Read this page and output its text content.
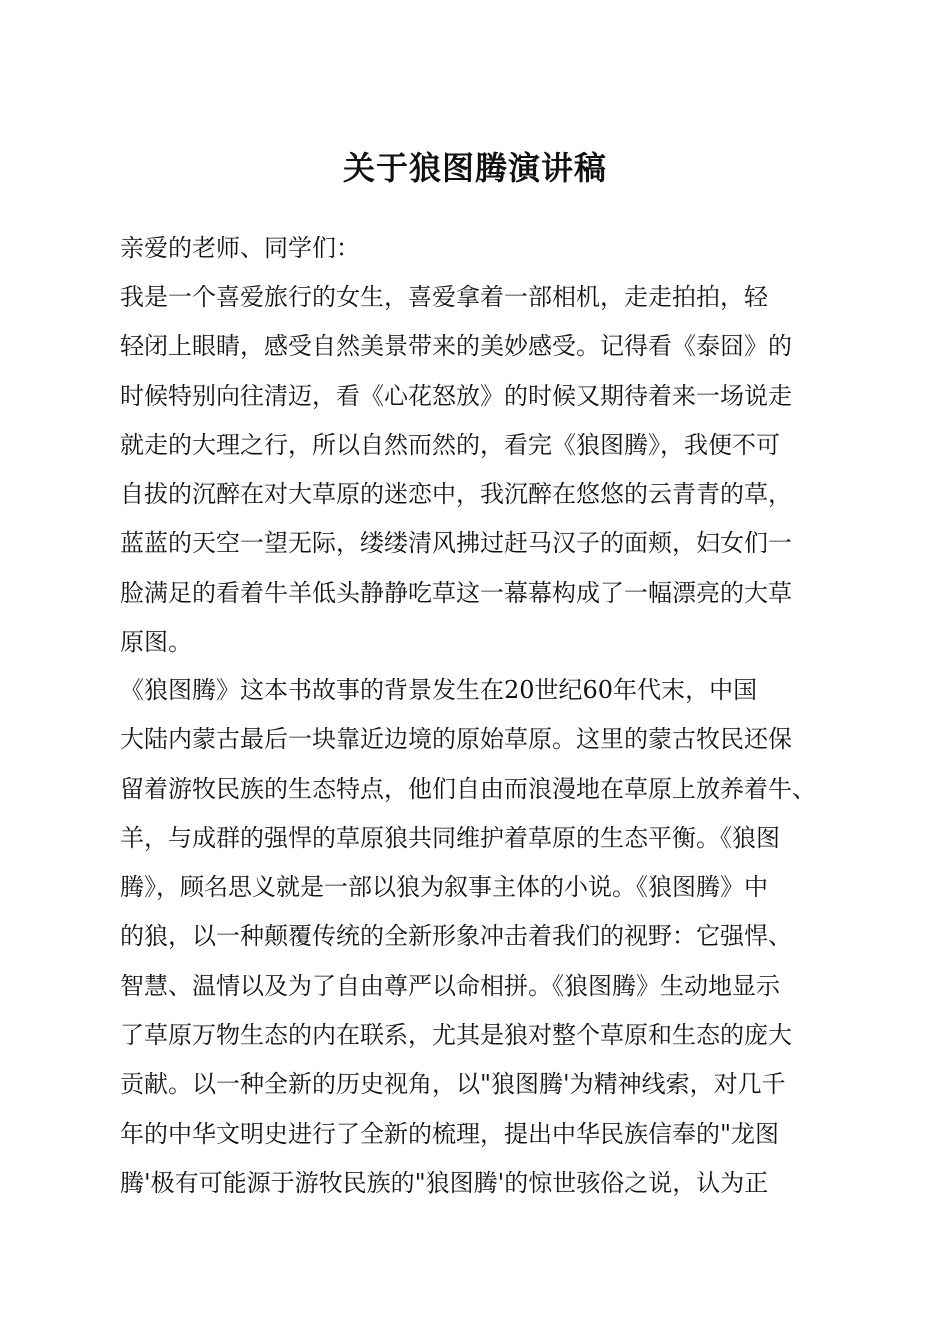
关于狼图腾演讲稿
亲爱的老师、同学们：
我是一个喜爱旅行的女生，喜爱拿着一部相机，走走拍拍，轻
轻闭上眼睛，感受自然美景带来的美妙感受。记得看《泰囧》的
时候特别向往清迈，看《心花怒放》的时候又期待着来一场说走
就走的大理之行，所以自然而然的，看完《狼图腾》，我便不可
自拔的沉醉在对大草原的迷恋中，我沉醉在悠悠的云青青的草，
蓝蓝的天空一望无际，缕缕清风拂过赶马汉子的面颊，妇女们一
脸满足的看着牛羊低头静静吃草这一幕幕构成了一幅漂亮的大草
原图。
《狼图腾》这本书故事的背景发生在20世纪60年代末，中国
大陆内蒙古最后一块靠近边境的原始草原。这里的蒙古牧民还保
留着游牧民族的生态特点，他们自由而浪漫地在草原上放养着牛、
羊，与成群的强悍的草原狼共同维护着草原的生态平衡。《狼图
腾》，顾名思义就是一部以狼为叙事主体的小说。《狼图腾》中
的狼，以一种颠覆传统的全新形象冲击着我们的视野：它强悍、
智慧、温情以及为了自由尊严以命相拼。《狼图腾》生动地显示
了草原万物生态的内在联系，尤其是狼对整个草原和生态的庞大
贡献。以一种全新的历史视角，以"狼图腾'为精神线索，对几千
年的中华文明史进行了全新的梳理，提出中华民族信奉的"龙图
腾'极有可能源于游牧民族的"狼图腾'的惊世骇俗之说，认为正
